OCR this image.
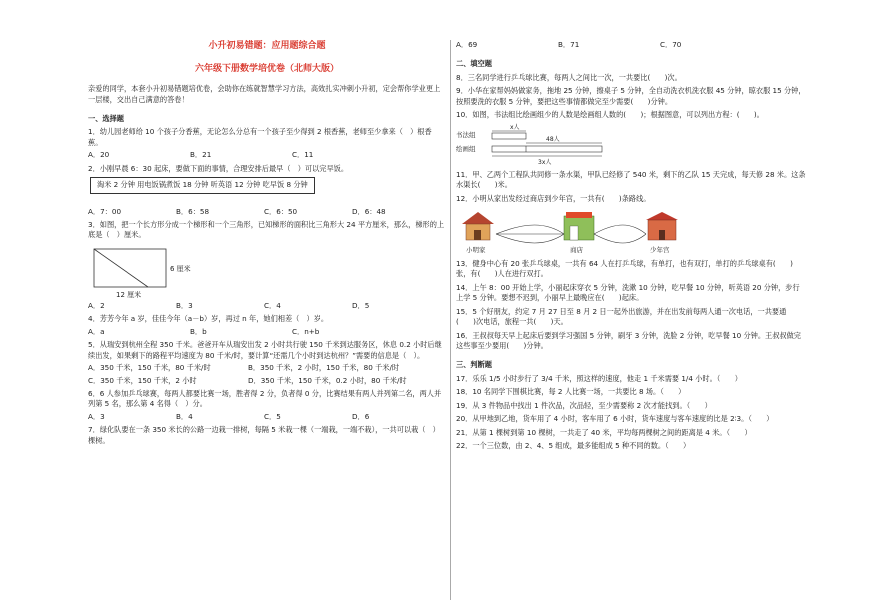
小升初易错题：应用题综合题

六年级下册数学培优卷（北师大版）

亲爱的同学，本套小升初易错题培优卷，会助你在练就智慧学习方法，高效扎实冲刺小升初，定会帮你学业更上一层楼，交出自己满意的答卷！
一、选择题
1．幼儿园老师给 10 个孩子分香蕉，无论怎么分总有一个孩子至少得到 2 根香蕉，老师至少拿来（　）根香蕉。
A．20	B．21	C．11
2．小刚早晨 6：30 起床，要做下面的事情，合理安排后最早（　）可以完早饭。
淘米 2 分钟 用电饭锅煮饭 18 分钟 听英语 12 分钟 吃早饭 8 分钟
A．7：00	B．6：58	C．6：50	D．6：48
3．如图，把一个长方形分成一个梯形和一个三角形，已知梯形的面积比三角形大 24 平方厘米，那么，梯形的上底是（　）厘米。
6 厘米
12 厘米
A．2	B．3	C．4	D．5
4．芳芳今年 a 岁，佳佳今年（a－b）岁，再过 n 年，她们相差（　）岁。
A．a	B．b	C．n+b
5．从瑞安到杭州全程 350 千米。爸爸开车从瑞安出发 2 小时共行驶 150 千米到达服务区，休息 0.2 小时后继续出发，如果剩下的路程平均速度为 80 千米/时，要计算“还需几个小时到达杭州？”需要的信息是（　）。
A．350 千米，150 千米，80 千米/时	B．350 千米，2 小时，150 千米，80 千米/时
C．350 千米，150 千米，2 小时	D．350 千米，150 千米，0.2 小时，80 千米/时
6．6 人参加乒乓球赛，每两人都要比赛一场，胜者得 2 分，负者得 0 分，比赛结果有两人并列第二名，两人并列第 5 名，那么第 4 名得（　）分。
A．3	B．4	C．5	D．6
7．绿化队要在一条 350 米长的公路一边栽一排树，每隔 5 米栽一棵（一端栽，一端不栽），一共可以栽（　）棵树。
A．69	B．71	C．70
二、填空题
8．三名同学进行乒乓球比赛，每两人之间比一次，一共要比(　　)次。
9．小华在家帮妈妈做家务，拖地 25 分钟，擦桌子 5 分钟，全自动洗衣机洗衣服 45 分钟，晾衣服 15 分钟，按照要洗的衣服 5 分钟，要把这些事情都做完至少需要(　　)分钟。
10．如图，书法组比绘画组少的人数是绘画组人数的(　　)；根据图意，可以列出方程：(　　)。
书法组
绘画组
x人
48人
3x人
11．甲、乙两个工程队共同修一条水渠，甲队已经修了 540 米，剩下的乙队 15 天完成，每天修 28 米。这条水渠长(　　)米。
12．小明从家出发经过商店到少年宫，一共有(　　)条路线。
小明家	商店	少年宫
13．健身中心有 20 张乒乓球桌，一共有 64 人在打乒乓球，有单打，也有双打，单打的乒乓球桌有(　　)张，有(　　)人在进行双打。
14．上午 8：00 开始上学，小丽起床穿衣 5 分钟，洗漱 10 分钟，吃早餐 10 分钟，听英语 20 分钟，步行上学 5 分钟。要想不迟到，小丽早上最晚应在(　　)起床。
15．5 个好朋友，约定 7 月 27 日至 8 月 2 日一起外出旅游，并在出发前每两人通一次电话，一共要通(　　)次电话，旅程一共(　　)天。
16．王叔叔每天早上起床后要到学习强国 5 分钟，刷牙 3 分钟，洗脸 2 分钟，吃早餐 10 分钟。王叔叔做完这些事至少要用(　　)分钟。
三、判断题
17．乐乐 1/5 小时步行了 3/4 千米，照这样的速度，他走 1 千米需要 1/4 小时。（　　）
18．10 名同学下围棋比赛，每 2 人比赛一场，一共要比 8 场。（　　）
19．从 3 件物品中找出 1 件次品，次品轻，至少需要称 2 次才能找到。（　　）
20．从甲地到乙地，货车用了 4 小时，客车用了 6 小时，货车速度与客车速度的比是 2∶3。（　　）
21．从第 1 棵树到第 10 棵树，一共走了 40 米，平均每两棵树之间的距离是 4 米。（　　）
22．一个三位数，由 2、4、5 组成，最多能组成 5 种不同的数。（　　）
